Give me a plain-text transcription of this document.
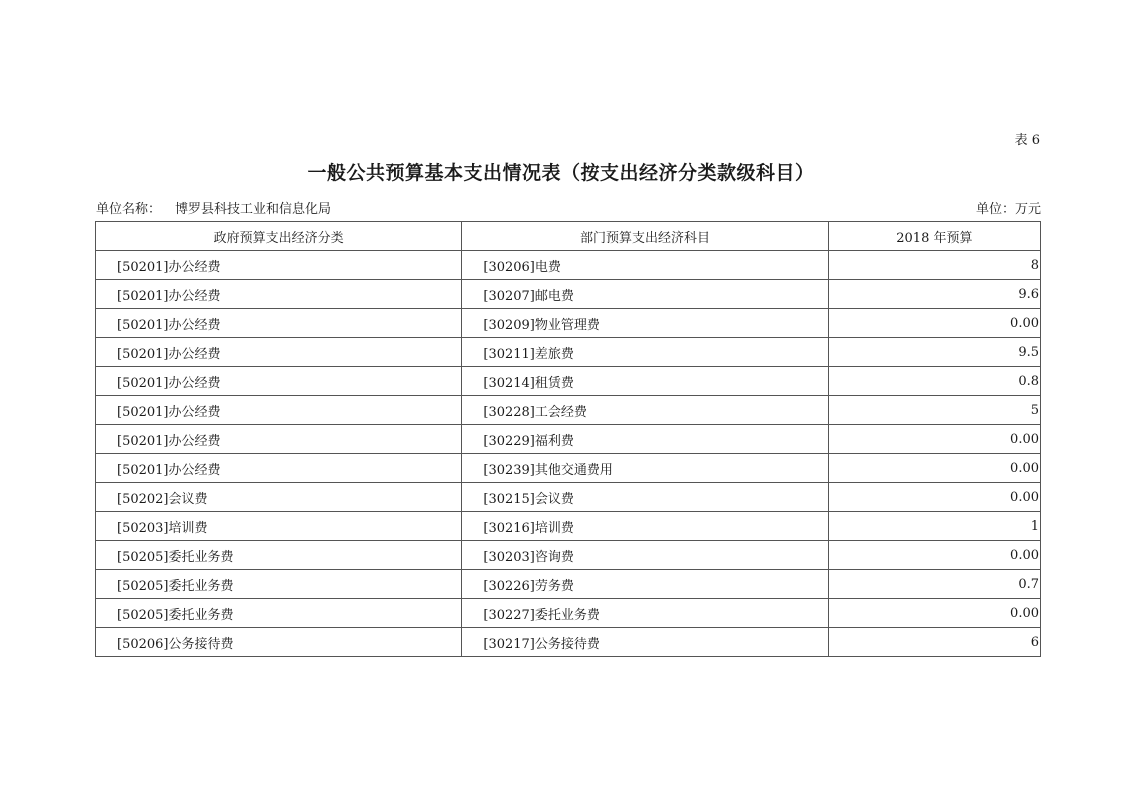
表 6
一般公共预算基本支出情况表（按支出经济分类款级科目）
单位名称： 博罗县科技工业和信息化局	单位：万元
政府预算支出经济分类	部门预算支出经济科目	2018 年预算
[50201]办公经费	[30206]电费	8
[50201]办公经费	[30207]邮电费	9.6
[50201]办公经费	[30209]物业管理费	0.00
[50201]办公经费	[30211]差旅费	9.5
[50201]办公经费	[30214]租赁费	0.8
[50201]办公经费	[30228]工会经费	5
[50201]办公经费	[30229]福利费	0.00
[50201]办公经费	[30239]其他交通费用	0.00
[50202]会议费	[30215]会议费	0.00
[50203]培训费	[30216]培训费	1
[50205]委托业务费	[30203]咨询费	0.00
[50205]委托业务费	[30226]劳务费	0.7
[50205]委托业务费	[30227]委托业务费	0.00
[50206]公务接待费	[30217]公务接待费	6
